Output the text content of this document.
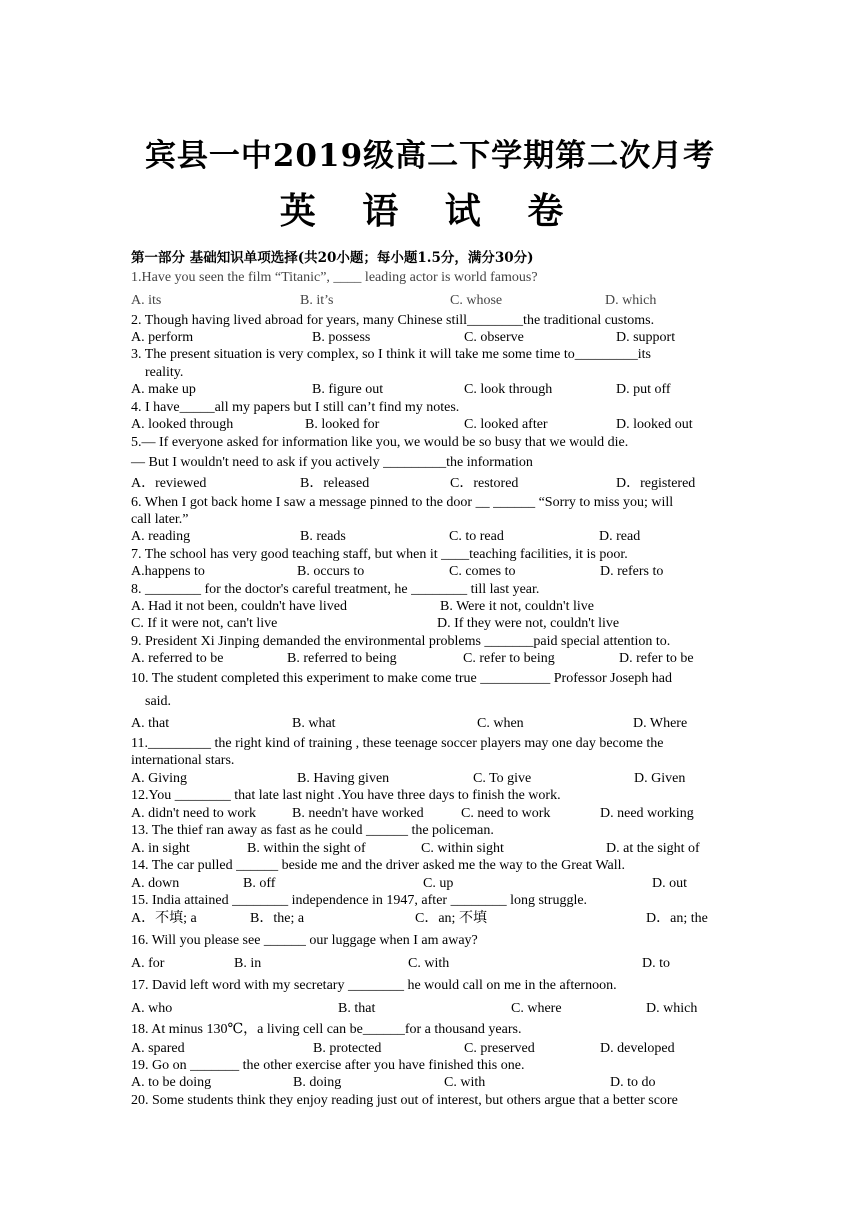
宾县一中2019级高二下学期第二次月考
英 语 试 卷
第一部分 基础知识单项选择(共20小题；每小题1.5分，满分30分)
1.Have you seen the film “Titanic”, ____ leading actor is world famous?
A. its	B. it’s	C. whose	D. which
2. Though having lived abroad for years, many Chinese still________the traditional customs.
A. perform	B. possess	C. observe	D. support
3. The present situation is very complex, so I think it will take me some time to_________its
reality.
A. make up	B. figure out	C. look through	D. put off
4. I have_____all my papers but I still can’t find my notes.
A. looked through	B. looked for	C. looked after	D. looked out
5.— If everyone asked for information like you, we would be so busy that we would die.
— But I wouldn't need to ask if you actively _________the information
A．reviewed	B．released	C．restored	D．registered
6. When I got back home I saw a message pinned to the door __ ______ “Sorry to miss you; will
call later.”
A. reading	B. reads	C. to read	D. read
7. The school has very good teaching staff, but when it ____teaching facilities, it is poor.
A.happens to	B. occurs to	C. comes to	D. refers to
8. ________ for the doctor's careful treatment, he ________ till last year.
A. Had it not been, couldn't have lived	B. Were it not, couldn't live
C. If it were not, can't live	D. If they were not, couldn't live
9. President Xi Jinping demanded the environmental problems _______paid special attention to.
A. referred to be	B. referred to being	C. refer to being	D. refer to be
10. The student completed this experiment to make come true __________ Professor Joseph had
said.
A. that	B. what	C. when	D. Where
11._________ the right kind of training , these teenage soccer players may one day become the
international stars.
A. Giving	B. Having given	C. To give	D. Given
12.You ________ that late last night .You have three days to finish the work.
A. didn't need to work	B. needn't have worked	C. need to work	D. need working
13. The thief ran away as fast as he could ______ the policeman.
A. in sight	B. within the sight of	C. within sight	D. at the sight of
14. The car pulled ______ beside me and the driver asked me the way to the Great Wall.
A. down	B. off	C. up	D. out
15. India attained ________ independence in 1947, after ________ long struggle.
A．不填; a	B．the; a	C．an; 不填	D．an; the
16. Will you please see ______ our luggage when I am away?
A. for	B. in	C. with	D. to
17. David left word with my secretary ________ he would call on me in the afternoon.
A. who	B. that	C. where	D. which
18. At minus 130℃，a living cell can be______for a thousand years.
A. spared	B. protected	C. preserved	D. developed
19. Go on _______ the other exercise after you have finished this one.
A. to be doing	B. doing	C. with	D. to do
20. Some students think they enjoy reading just out of interest, but others argue that a better score
